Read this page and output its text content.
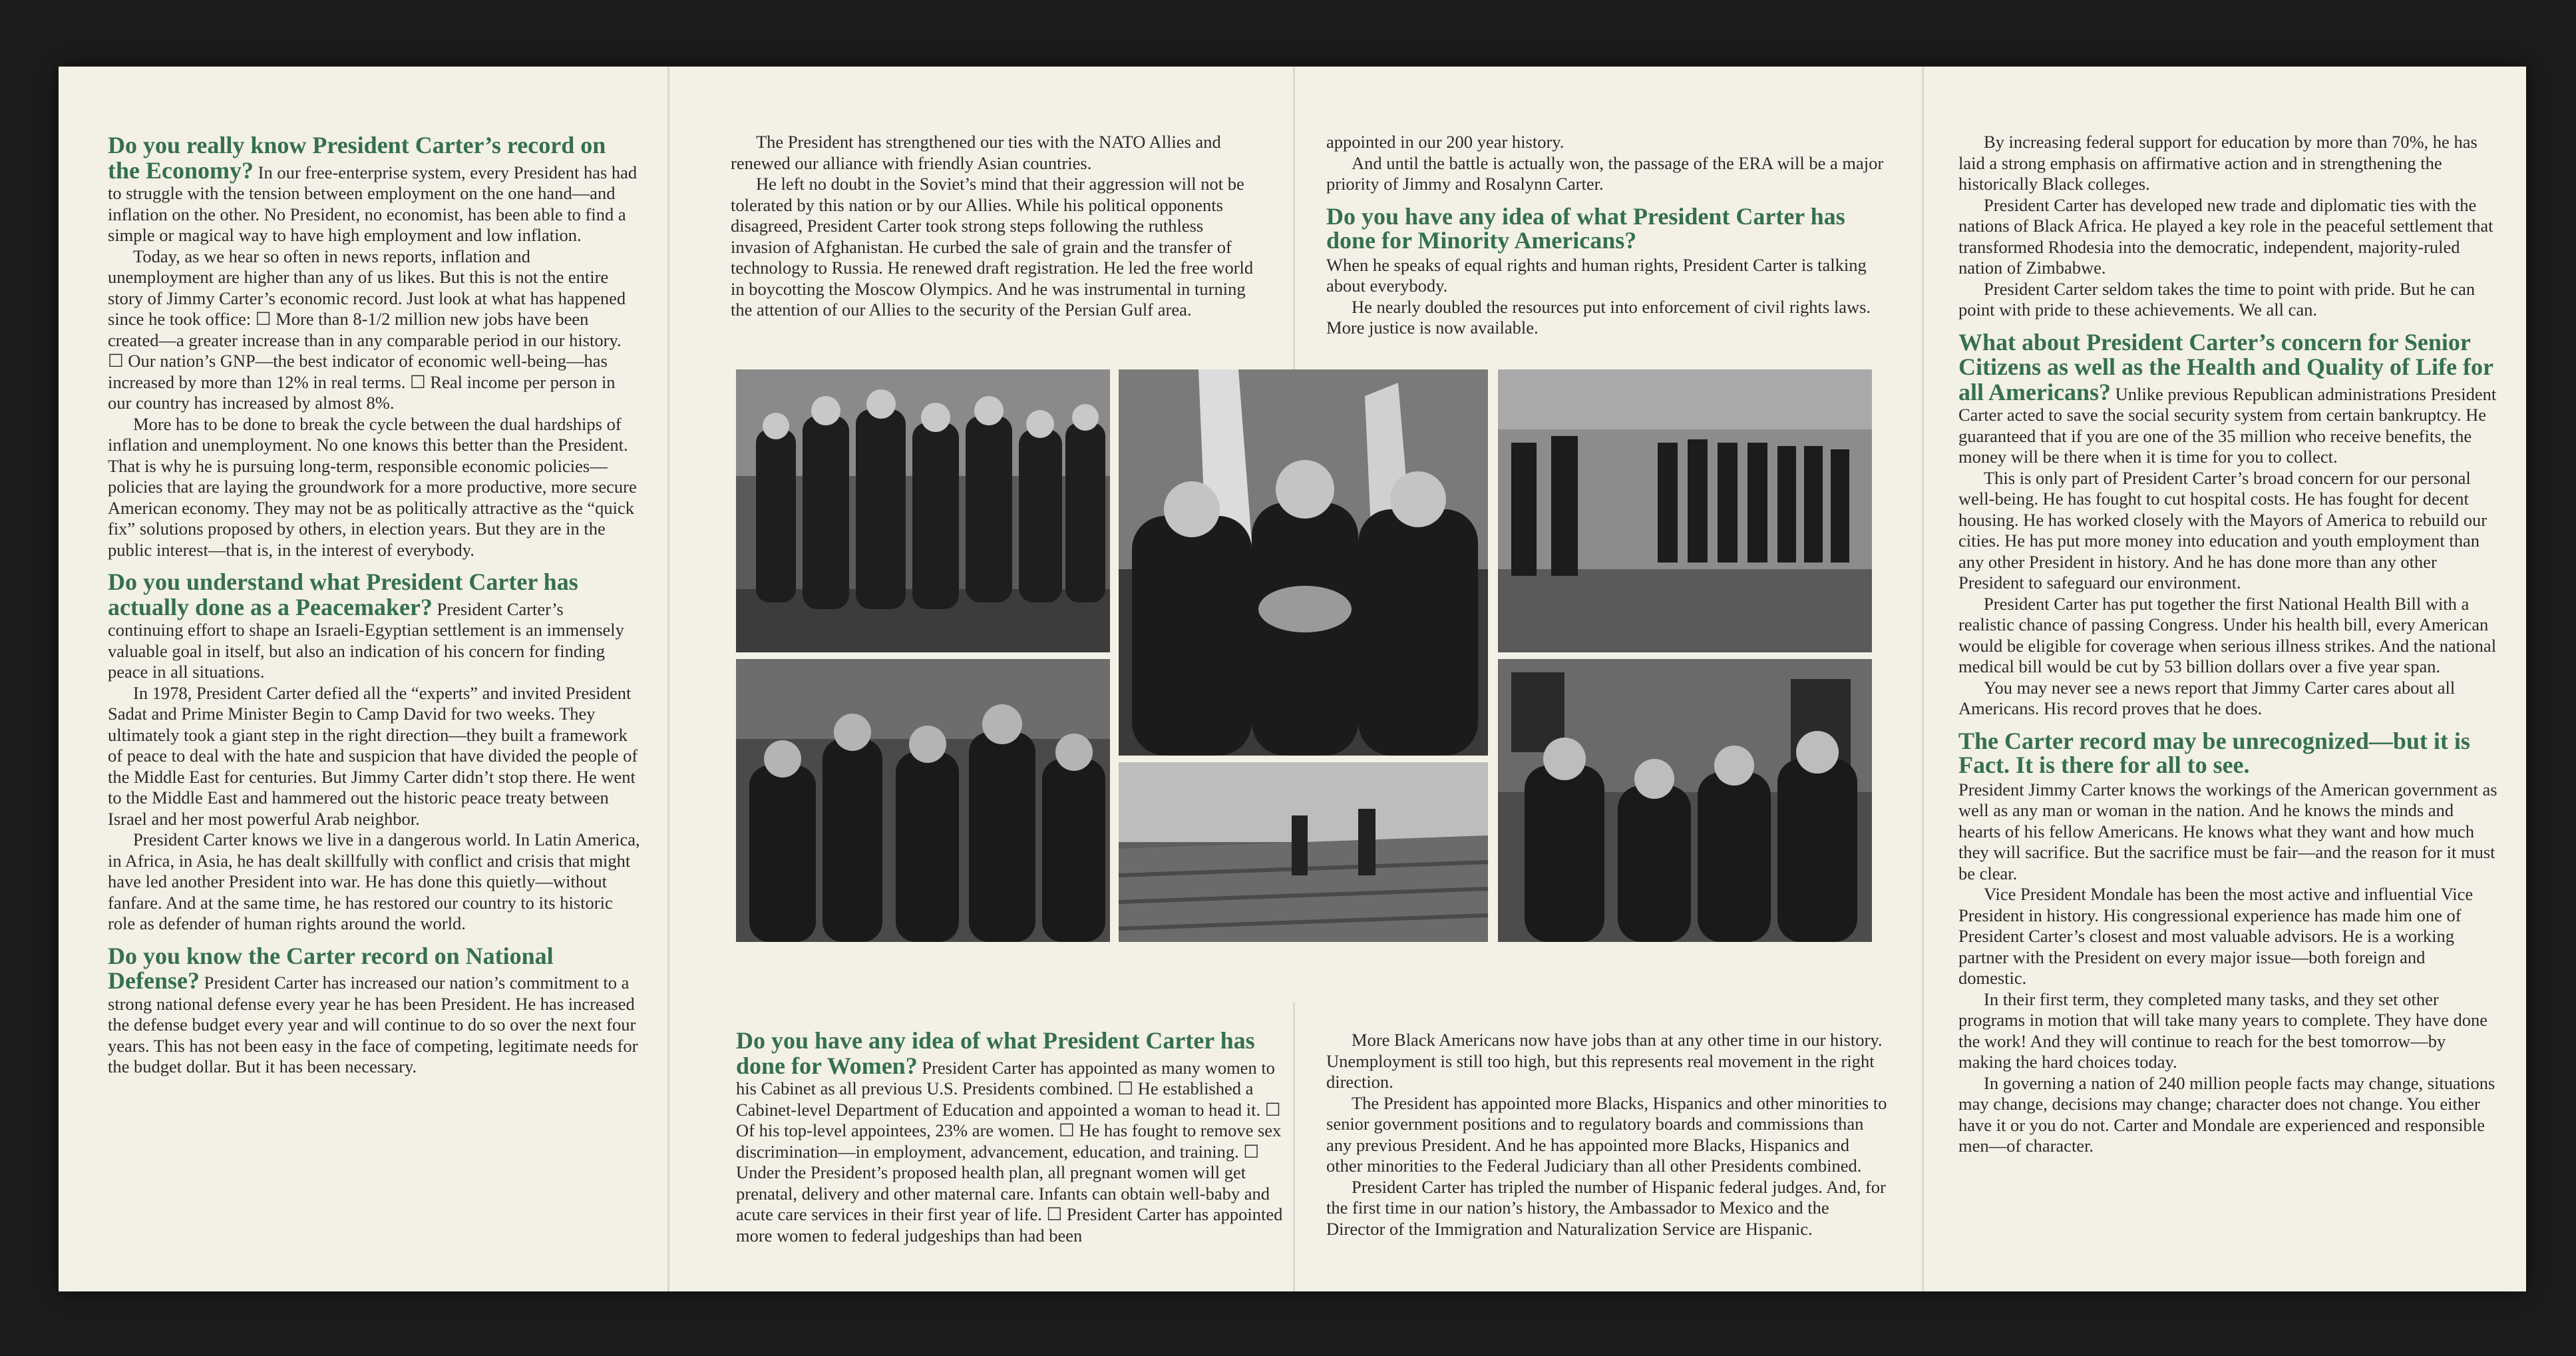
Do you really know President Carter’s record on the Economy? In our free-enterprise system, every President has had to struggle with the tension between employment on the one hand—and inflation on the other. No President, no economist, has been able to find a simple or magical way to have high employment and low inflation.

Today, as we hear so often in news reports, inflation and unemployment are higher than any of us likes. But this is not the entire story of Jimmy Carter’s economic record. Just look at what has happened since he took office: ☐ More than 8-1/2 million new jobs have been created—a greater increase than in any comparable period in our history. ☐ Our nation’s GNP—the best indicator of economic well-being—has increased by more than 12% in real terms. ☐ Real income per person in our country has increased by almost 8%.

More has to be done to break the cycle between the dual hardships of inflation and unemployment. No one knows this better than the President. That is why he is pursuing long-term, responsible economic policies—policies that are laying the groundwork for a more productive, more secure American economy. They may not be as politically attractive as the “quick fix” solutions proposed by others, in election years. But they are in the public interest—that is, in the interest of everybody.

Do you understand what President Carter has actually done as a Peacemaker? President Carter’s continuing effort to shape an Israeli-Egyptian settlement is an immensely valuable goal in itself, but also an indication of his concern for finding peace in all situations.

In 1978, President Carter defied all the “experts” and invited President Sadat and Prime Minister Begin to Camp David for two weeks. They ultimately took a giant step in the right direction—they built a framework of peace to deal with the hate and suspicion that have divided the people of the Middle East for centuries. But Jimmy Carter didn’t stop there. He went to the Middle East and hammered out the historic peace treaty between Israel and her most powerful Arab neighbor.

President Carter knows we live in a dangerous world. In Latin America, in Africa, in Asia, he has dealt skillfully with conflict and crisis that might have led another President into war. He has done this quietly—without fanfare. And at the same time, he has restored our country to its historic role as defender of human rights around the world.

Do you know the Carter record on National Defense? President Carter has increased our nation’s commitment to a strong national defense every year he has been President. He has increased the defense budget every year and will continue to do so over the next four years. This has not been easy in the face of competing, legitimate needs for the budget dollar. But it has been necessary.

The President has strengthened our ties with the NATO Allies and renewed our alliance with friendly Asian countries.

He left no doubt in the Soviet’s mind that their aggression will not be tolerated by this nation or by our Allies. While his political opponents disagreed, President Carter took strong steps following the ruthless invasion of Afghanistan. He curbed the sale of grain and the transfer of technology to Russia. He renewed draft registration. He led the free world in boycotting the Moscow Olympics. And he was instrumental in turning the attention of our Allies to the security of the Persian Gulf area.

appointed in our 200 year history.

And until the battle is actually won, the passage of the ERA will be a major priority of Jimmy and Rosalynn Carter.

Do you have any idea of what President Carter has done for Minority Americans?
When he speaks of equal rights and human rights, President Carter is talking about everybody.

He nearly doubled the resources put into enforcement of civil rights laws. More justice is now available.

Do you have any idea of what President Carter has done for Women? President Carter has appointed as many women to his Cabinet as all previous U.S. Presidents combined. ☐ He established a Cabinet-level Department of Education and appointed a woman to head it. ☐ Of his top-level appointees, 23% are women. ☐ He has fought to remove sex discrimination—in employment, advancement, education, and training. ☐ Under the President’s proposed health plan, all pregnant women will get prenatal, delivery and other maternal care. Infants can obtain well-baby and acute care services in their first year of life. ☐ President Carter has appointed more women to federal judgeships than had been

More Black Americans now have jobs than at any other time in our history. Unemployment is still too high, but this represents real movement in the right direction.

The President has appointed more Blacks, Hispanics and other minorities to senior government positions and to regulatory boards and commissions than any previous President. And he has appointed more Blacks, Hispanics and other minorities to the Federal Judiciary than all other Presidents combined.

President Carter has tripled the number of Hispanic federal judges. And, for the first time in our nation’s history, the Ambassador to Mexico and the Director of the Immigration and Naturalization Service are Hispanic.

By increasing federal support for education by more than 70%, he has laid a strong emphasis on affirmative action and in strengthening the historically Black colleges.

President Carter has developed new trade and diplomatic ties with the nations of Black Africa. He played a key role in the peaceful settlement that transformed Rhodesia into the democratic, independent, majority-ruled nation of Zimbabwe.

President Carter seldom takes the time to point with pride. But he can point with pride to these achievements. We all can.

What about President Carter’s concern for Senior Citizens as well as the Health and Quality of Life for all Americans? Unlike previous Republican administrations President Carter acted to save the social security system from certain bankruptcy. He guaranteed that if you are one of the 35 million who receive benefits, the money will be there when it is time for you to collect.

This is only part of President Carter’s broad concern for our personal well-being. He has fought to cut hospital costs. He has fought for decent housing. He has worked closely with the Mayors of America to rebuild our cities. He has put more money into education and youth employment than any other President in history. And he has done more than any other President to safeguard our environment.

President Carter has put together the first National Health Bill with a realistic chance of passing Congress. Under his health bill, every American would be eligible for coverage when serious illness strikes. And the national medical bill would be cut by 53 billion dollars over a five year span.

You may never see a news report that Jimmy Carter cares about all Americans. His record proves that he does.

The Carter record may be unrecognized—but it is Fact. It is there for all to see.
President Jimmy Carter knows the workings of the American government as well as any man or woman in the nation. And he knows the minds and hearts of his fellow Americans. He knows what they want and how much they will sacrifice. But the sacrifice must be fair—and the reason for it must be clear.

Vice President Mondale has been the most active and influential Vice President in history. His congressional experience has made him one of President Carter’s closest and most valuable advisors. He is a working partner with the President on every major issue—both foreign and domestic.

In their first term, they completed many tasks, and they set other programs in motion that will take many years to complete. They have done the work! And they will continue to reach for the best tomorrow—by making the hard choices today.

In governing a nation of 240 million people facts may change, situations may change, decisions may change; character does not change. You either have it or you do not. Carter and Mondale are experienced and responsible men—of character.
